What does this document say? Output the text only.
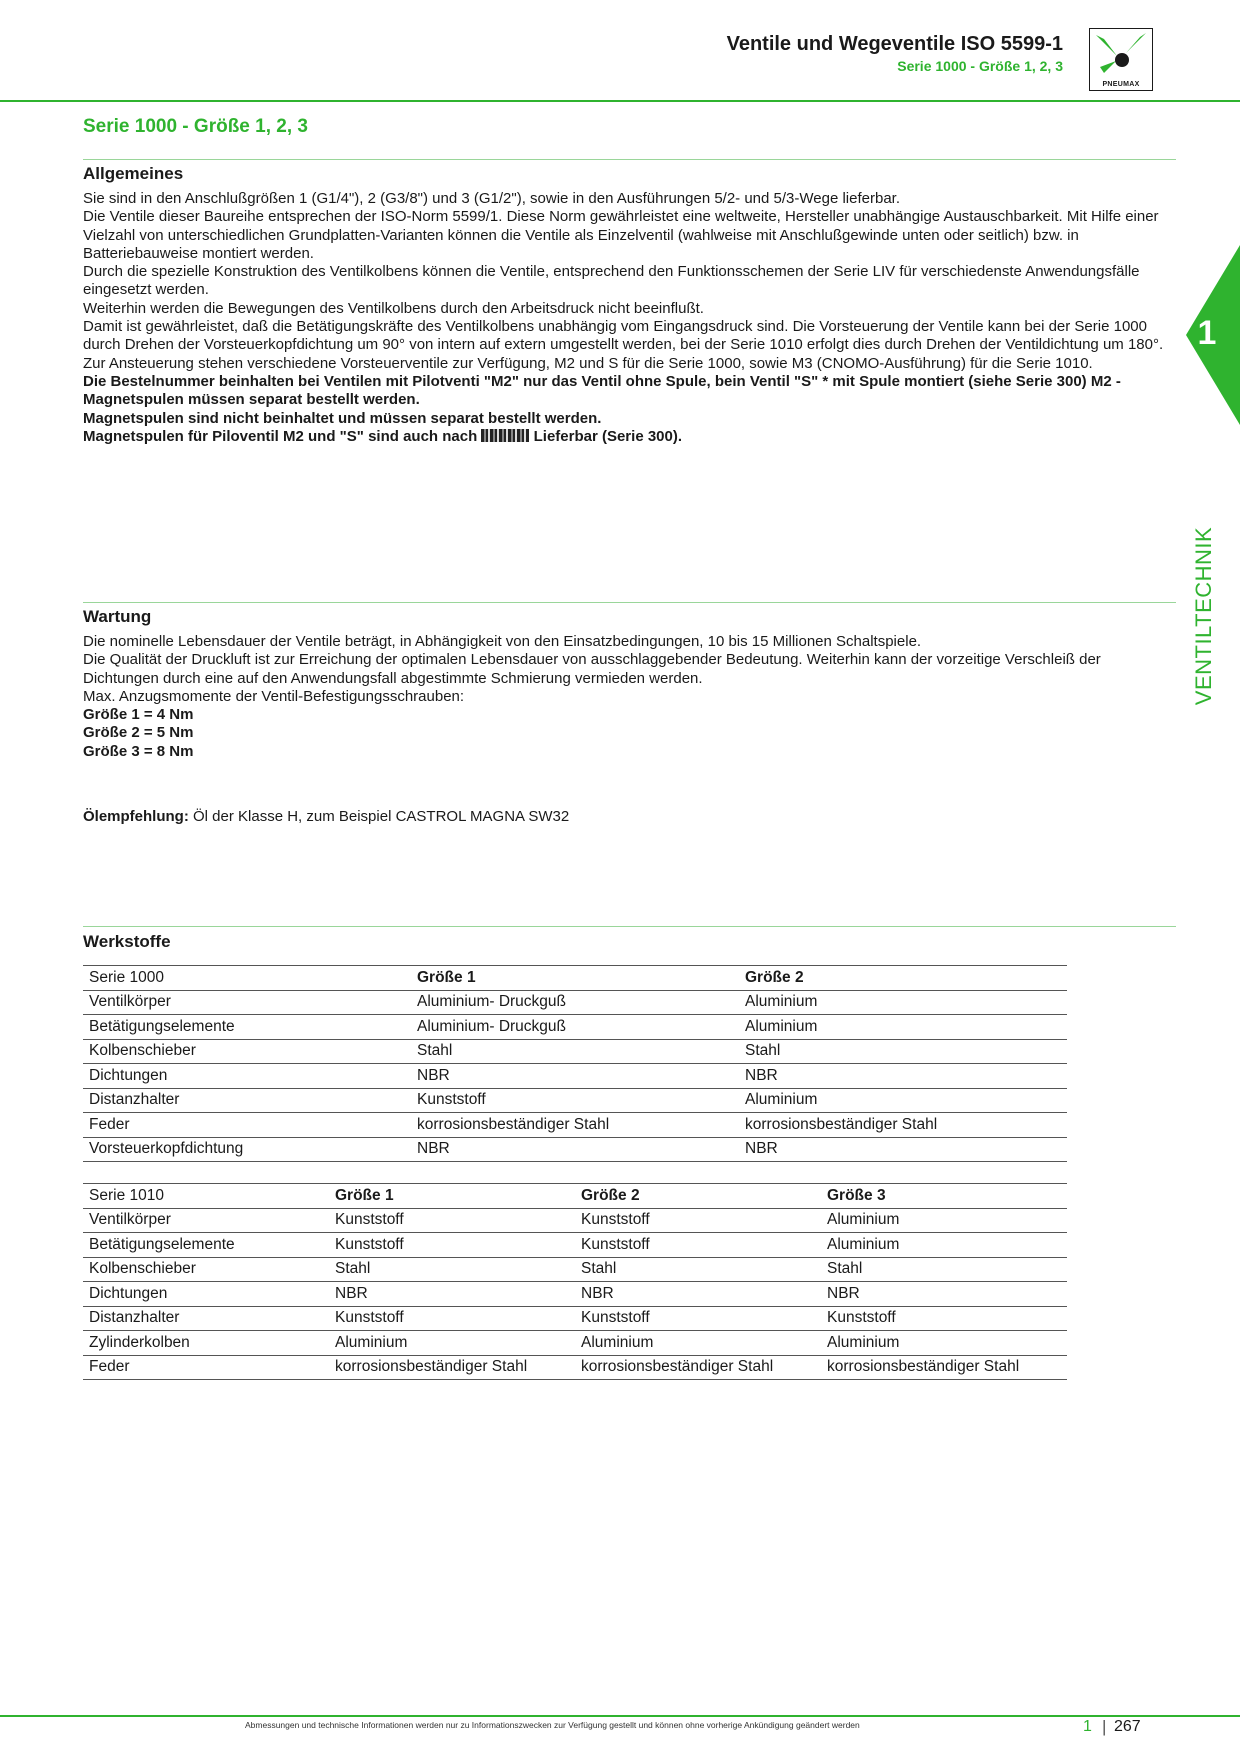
Ventile und Wegeventile ISO 5599-1
Serie 1000 - Größe 1, 2, 3
PNEUMAX
Serie 1000 - Größe 1, 2, 3
Allgemeines

Sie sind in den Anschlußgrößen 1 (G1/4"), 2 (G3/8") und 3 (G1/2"), sowie in den Ausführungen 5/2- und 5/3-Wege lieferbar.

Die Ventile dieser Baureihe entsprechen der ISO-Norm 5599/1. Diese Norm gewährleistet eine weltweite, Hersteller unabhängige Austauschbarkeit. Mit Hilfe einer Vielzahl von unterschiedlichen Grundplatten-Varianten können die Ventile als Einzelventil (wahlweise mit Anschlußgewinde unten oder seitlich) bzw. in Batteriebauweise montiert werden.

Durch die spezielle Konstruktion des Ventilkolbens können die Ventile, entsprechend den Funktionsschemen der Serie LIV für verschiedenste Anwendungsfälle eingesetzt werden.

Weiterhin werden die Bewegungen des Ventilkolbens durch den Arbeitsdruck nicht beeinflußt.

Damit ist gewährleistet, daß die Betätigungskräfte des Ventilkolbens unabhängig vom Eingangsdruck sind. Die Vorsteuerung der Ventile kann bei der Serie 1000 durch Drehen der Vorsteuerkopfdichtung um 90° von intern auf extern umgestellt werden, bei der Serie 1010 erfolgt dies durch Drehen der Ventildichtung um 180°.

Zur Ansteuerung stehen verschiedene Vorsteuerventile zur Verfügung, M2 und S für die Serie 1000, sowie M3 (CNOMO-Ausführung) für die Serie 1010.

Die Bestelnummer beinhalten bei Ventilen mit Pilotventi "M2" nur das Ventil ohne Spule, bein Ventil "S" * mit Spule montiert (siehe Serie 300) M2 - Magnetspulen müssen separat bestellt werden.

Magnetspulen sind nicht beinhaltet und müssen separat bestellt werden.

Magnetspulen für Piloventil M2 und "S" sind auch nach	Lieferbar (Serie 300).

1
VENTILTECHNIK
Wartung

Die nominelle Lebensdauer der Ventile beträgt, in Abhängigkeit von den Einsatzbedingungen, 10 bis 15 Millionen Schaltspiele.

Die Qualität der Druckluft ist zur Erreichung der optimalen Lebensdauer von ausschlaggebender Bedeutung. Weiterhin kann der vorzeitige Verschleiß der Dichtungen durch eine auf den Anwendungsfall abgestimmte Schmierung vermieden werden.

Max. Anzugsmomente der Ventil-Befestigungsschrauben:

Größe 1 = 4 Nm

Größe 2 = 5 Nm

Größe 3 = 8 Nm

Ölempfehlung: Öl der Klasse H, zum Beispiel CASTROL MAGNA SW32
Werkstoffe
Serie 1000	Größe 1	Größe 2
Ventilkörper	Aluminium- Druckguß	Aluminium
Betätigungselemente	Aluminium- Druckguß	Aluminium
Kolbenschieber	Stahl	Stahl
Dichtungen	NBR	NBR
Distanzhalter	Kunststoff	Aluminium
Feder	korrosionsbeständiger Stahl	korrosionsbeständiger Stahl
Vorsteuerkopfdichtung	NBR	NBR
Serie 1010	Größe 1	Größe 2	Größe 3
Ventilkörper	Kunststoff	Kunststoff	Aluminium
Betätigungselemente	Kunststoff	Kunststoff	Aluminium
Kolbenschieber	Stahl	Stahl	Stahl
Dichtungen	NBR	NBR	NBR
Distanzhalter	Kunststoff	Kunststoff	Kunststoff
Zylinderkolben	Aluminium	Aluminium	Aluminium
Feder	korrosionsbeständiger Stahl	korrosionsbeständiger Stahl	korrosionsbeständiger Stahl
Abmessungen und technische Informationen werden nur zu Informationszwecken zur Verfügung gestellt und können ohne vorherige Ankündigung geändert werden	1 | 267
